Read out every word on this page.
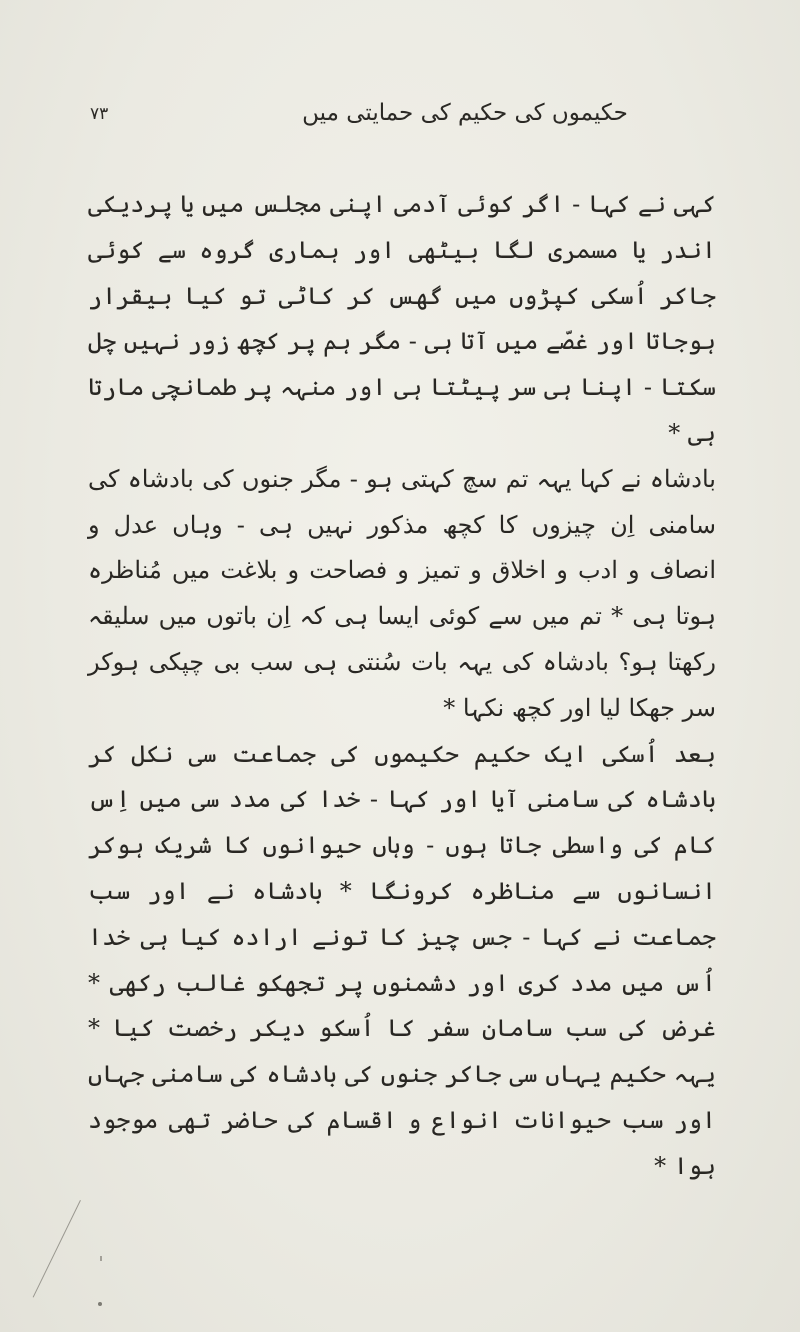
۷۳	حکیموں کی حکیم کی حمایتی میں

کہی نے کہا - اگر کوئی آدمی اپنی مجلس میں یا پردیکی اندر یا مسمری لگا بیٹھی اور ہماری گروہ سے کوئی جاکر اُسکی کپڑوں میں گھس کر کاٹی تو کیا بیقرار ہوجاتا اور غصّے میں آتا ہی - مگر ہم پر کچھ زور نہیں چل سکتا - اپنا ہی سر پیٹتا ہی اور منہہ پر طمانچی مارتا ہی *

بادشاہ نے کہا یہہ تم سچ کہتی ہو - مگر جنوں کی بادشاہ کی سامنی اِن چیزوں کا کچھ مذکور نہیں ہی - وہاں عدل و انصاف و ادب و اخلاق و تمیز و فصاحت و بلاغت میں مُناظرہ ہوتا ہی * تم میں سے کوئی ایسا ہی کہ اِن باتوں میں سلیقہ رکھتا ہو؟ بادشاہ کی یہہ بات سُنتی ہی سب بی چپکی ہوکر سر جھکا لیا اور کچھ نکہا *

بعد اُسکی ایک حکیم حکیموں کی جماعت سی نکل کر بادشاہ کی سامنی آیا اور کہا - خدا کی مدد سی میں اِس کام کی واسطی جاتا ہوں - وہاں حیوانوں کا شریک ہوکر انسانوں سے مناظرہ کرونگا * بادشاہ نے اور سب جماعت نے کہا - جس چیز کا تونے ارادہ کیا ہی خدا اُس میں مدد کری اور دشمنوں پر تجھکو غالب رکھی * غرض کی سب سامان سفر کا اُسکو دیکر رخصت کیا * یہہ حکیم یہاں سی جاکر جنوں کی بادشاہ کی سامنی جہاں اور سب حیوانات انواع و اقسام کی حاضر تھی موجود ہوا *
